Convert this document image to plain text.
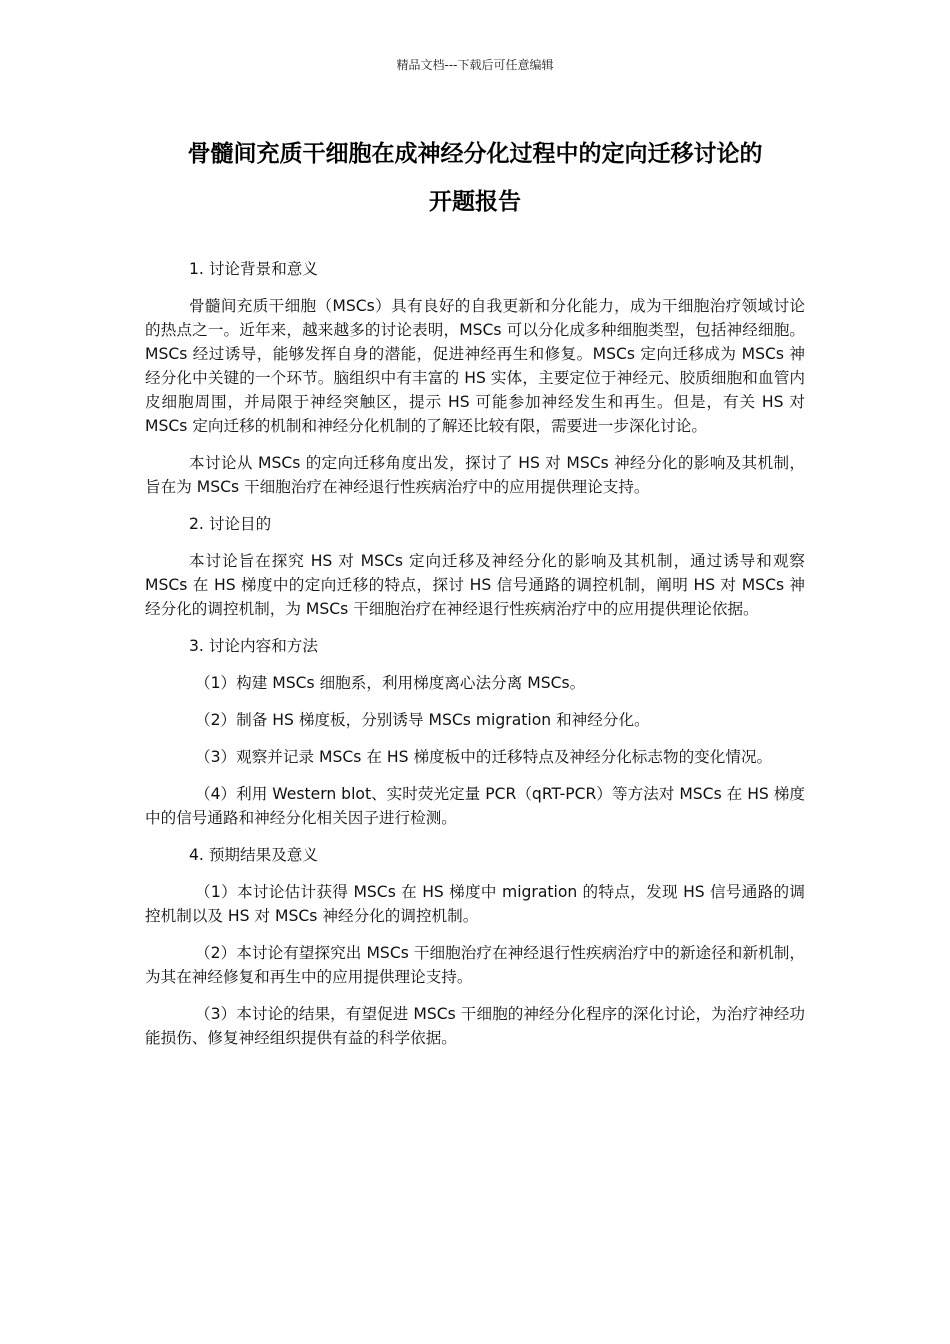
精品文档---下载后可任意编辑
骨髓间充质干细胞在成神经分化过程中的定向迁移讨论的
开题报告

1. 讨论背景和意义

骨髓间充质干细胞（MSCs）具有良好的自我更新和分化能力，成为干细胞治疗领域讨论的热点之一。近年来，越来越多的讨论表明，MSCs 可以分化成多种细胞类型，包括神经细胞。MSCs 经过诱导，能够发挥自身的潜能，促进神经再生和修复。MSCs 定向迁移成为 MSCs 神经分化中关键的一个环节。脑组织中有丰富的 HS 实体，主要定位于神经元、胶质细胞和血管内皮细胞周围，并局限于神经突触区，提示 HS 可能参加神经发生和再生。但是，有关 HS 对 MSCs 定向迁移的机制和神经分化机制的了解还比较有限，需要进一步深化讨论。

本讨论从 MSCs 的定向迁移角度出发，探讨了 HS 对 MSCs 神经分化的影响及其机制，旨在为 MSCs 干细胞治疗在神经退行性疾病治疗中的应用提供理论支持。

2. 讨论目的

本讨论旨在探究 HS 对 MSCs 定向迁移及神经分化的影响及其机制，通过诱导和观察 MSCs 在 HS 梯度中的定向迁移的特点，探讨 HS 信号通路的调控机制，阐明 HS 对 MSCs 神经分化的调控机制，为 MSCs 干细胞治疗在神经退行性疾病治疗中的应用提供理论依据。

3. 讨论内容和方法

（1）构建 MSCs 细胞系，利用梯度离心法分离 MSCs。

（2）制备 HS 梯度板，分别诱导 MSCs migration 和神经分化。

（3）观察并记录 MSCs 在 HS 梯度板中的迁移特点及神经分化标志物的变化情况。

（4）利用 Western blot、实时荧光定量 PCR（qRT-PCR）等方法对 MSCs 在 HS 梯度中的信号通路和神经分化相关因子进行检测。

4. 预期结果及意义

（1）本讨论估计获得 MSCs 在 HS 梯度中 migration 的特点，发现 HS 信号通路的调控机制以及 HS 对 MSCs 神经分化的调控机制。

（2）本讨论有望探究出 MSCs 干细胞治疗在神经退行性疾病治疗中的新途径和新机制，为其在神经修复和再生中的应用提供理论支持。

（3）本讨论的结果，有望促进 MSCs 干细胞的神经分化程序的深化讨论，为治疗神经功能损伤、修复神经组织提供有益的科学依据。
